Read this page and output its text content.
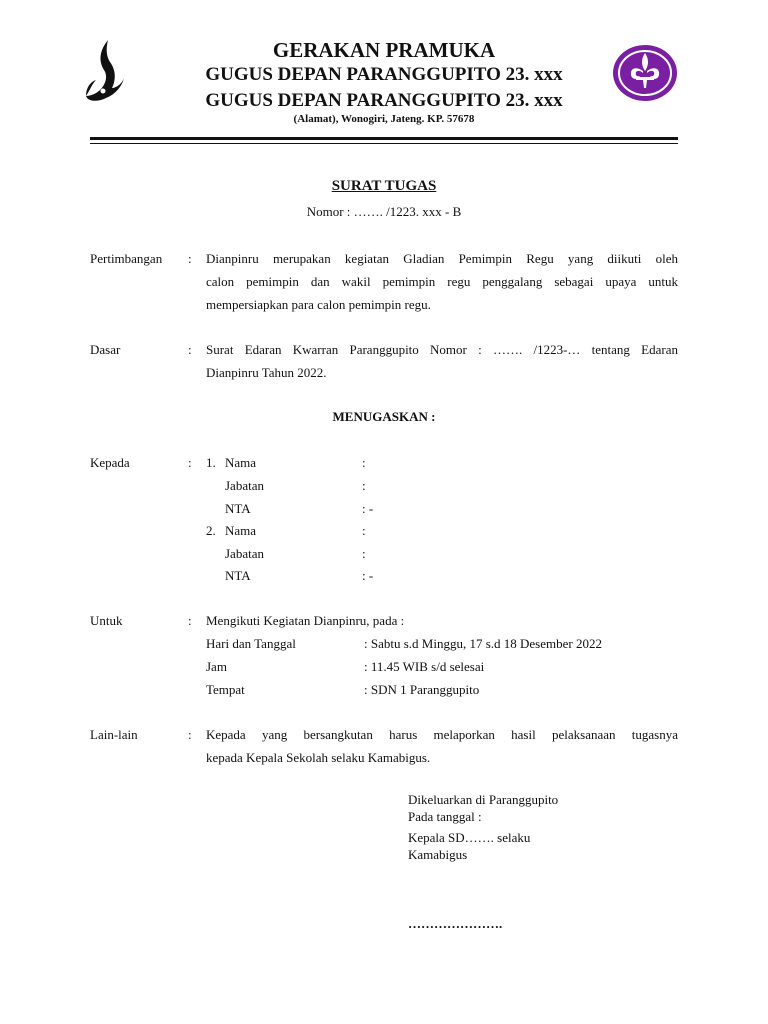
GERAKAN PRAMUKA
GUGUS DEPAN PARANGGUPITO 23. xxx
GUGUS DEPAN PARANGGUPITO 23. xxx
(Alamat), Wonogiri, Jateng. KP. 57678
SURAT TUGAS
Nomor : ……. /1223. xxx - B
Pertimbangan : Dianpinru merupakan kegiatan Gladian Pemimpin Regu yang diikuti oleh
calon pemimpin dan wakil pemimpin regu penggalang sebagai upaya untuk
mempersiapkan para calon pemimpin regu.
Dasar	: Surat Edaran Kwarran Paranggupito Nomor : ……. /1223-… tentang Edaran
Dianpinru Tahun 2022.
MENUGASKAN :
Kepada	: 1. Nama	:
Jabatan	:
NTA	: -
2. Nama	:
Jabatan	:
NTA	: -
Untuk	: Mengikuti Kegiatan Dianpinru, pada :
Hari dan Tanggal	: Sabtu s.d Minggu, 17 s.d 18 Desember 2022
Jam	: 11.45 WIB s/d selesai
Tempat	: SDN 1 Paranggupito
Lain-lain	: Kepada yang bersangkutan harus melaporkan hasil pelaksanaan tugasnya
kepada Kepala Sekolah selaku Kamabigus.
Dikeluarkan di Paranggupito
Pada tanggal :
Kepala SD……. selaku
Kamabigus
………………….
